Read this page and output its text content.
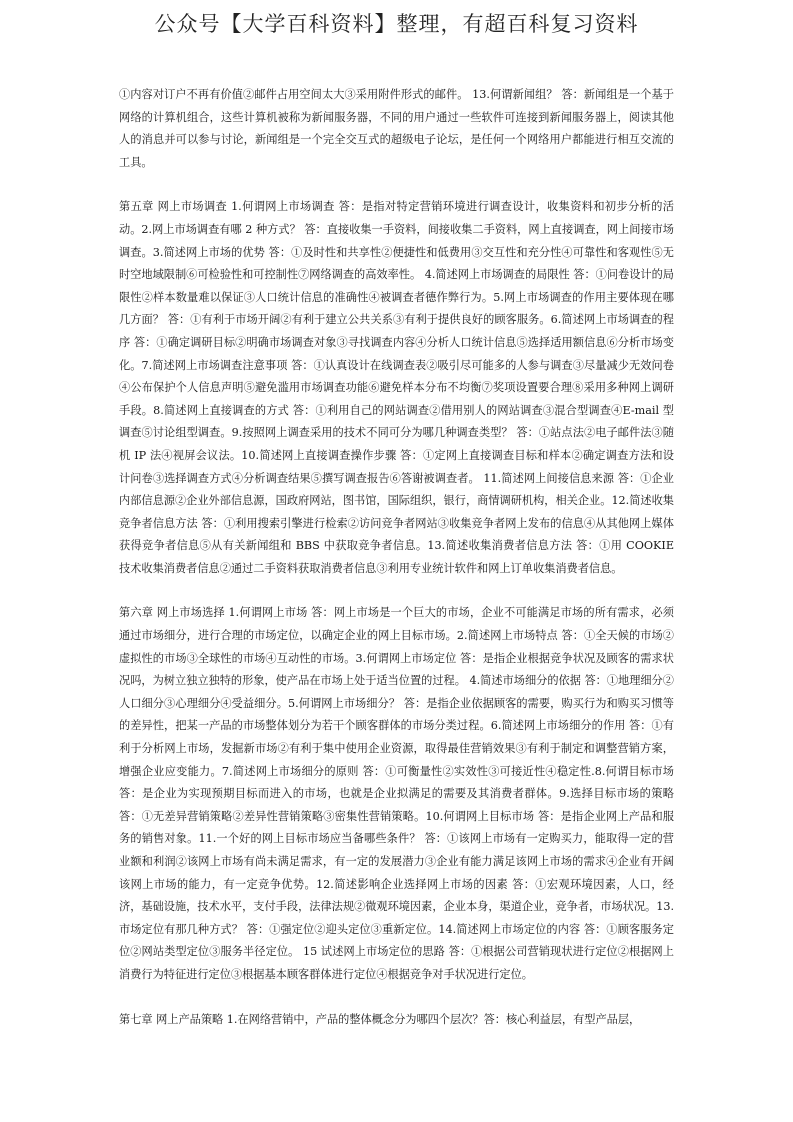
公众号【大学百科资料】整理，有超百科复习资料

①内容对订户不再有价值②邮件占用空间太大③采用附件形式的邮件。 13.何谓新闻组？ 答：新闻组是一个基于网络的计算机组合，这些计算机被称为新闻服务器，不同的用户通过一些软件可连接到新闻服务器上，阅读其他人的消息并可以参与讨论，新闻组是一个完全交互式的超级电子论坛，是任何一个网络用户都能进行相互交流的工具。

第五章 网上市场调查 1.何谓网上市场调查 答：是指对特定营销环境进行调查设计，收集资料和初步分析的活动。2.网上市场调查有哪 2 种方式？ 答：直接收集一手资料，间接收集二手资料，网上直接调查，网上间接市场调查。3.简述网上市场的优势 答：①及时性和共享性②便捷性和低费用③交互性和充分性④可靠性和客观性⑤无时空地域限制⑥可检验性和可控制性⑦网络调查的高效率性。 4.简述网上市场调查的局限性 答：①问卷设计的局限性②样本数量难以保证③人口统计信息的准确性④被调查者德作弊行为。5.网上市场调查的作用主要体现在哪几方面？ 答：①有利于市场开阔②有利于建立公共关系③有利于提供良好的顾客服务。6.简述网上市场调查的程序 答：①确定调研目标②明确市场调查对象③寻找调查内容④分析人口统计信息⑤选择适用额信息⑥分析市场变化。7.简述网上市场调查注意事项 答：①认真设计在线调查表②吸引尽可能多的人参与调查③尽量减少无效问卷④公布保护个人信息声明⑤避免滥用市场调查功能⑥避免样本分布不均衡⑦奖项设置要合理⑧采用多种网上调研手段。8.简述网上直接调查的方式 答：①利用自己的网站调查②借用别人的网站调查③混合型调查④E-mail 型调查⑤讨论组型调查。9.按照网上调查采用的技术不同可分为哪几种调查类型？ 答：①站点法②电子邮件法③随机 IP 法④视屏会议法。10.简述网上直接调查操作步骤 答：①定网上直接调查目标和样本②确定调查方法和设计问卷③选择调查方式④分析调查结果⑤撰写调查报告⑥答谢被调查者。 11.简述网上间接信息来源 答：①企业内部信息源②企业外部信息源，国政府网站，图书馆，国际组织，银行，商情调研机构，相关企业。12.简述收集竞争者信息方法 答：①利用搜索引擎进行检索②访问竞争者网站③收集竞争者网上发布的信息④从其他网上媒体获得竞争者信息⑤从有关新闻组和 BBS 中获取竞争者信息。13.简述收集消费者信息方法 答：①用 COOKIE 技术收集消费者信息②通过二手资料获取消费者信息③利用专业统计软件和网上订单收集消费者信息。

第六章 网上市场选择 1.何谓网上市场 答：网上市场是一个巨大的市场，企业不可能满足市场的所有需求，必须通过市场细分，进行合理的市场定位，以确定企业的网上目标市场。2.简述网上市场特点 答：①全天候的市场②虚拟性的市场③全球性的市场④互动性的市场。3.何谓网上市场定位 答：是指企业根据竞争状况及顾客的需求状况吗，为树立独立独特的形象，使产品在市场上处于适当位置的过程。 4.简述市场细分的依据 答：①地理细分②人口细分③心理细分④受益细分。5.何谓网上市场细分？ 答：是指企业依据顾客的需要，购买行为和购买习惯等的差异性，把某一产品的市场整体划分为若干个顾客群体的市场分类过程。6.简述网上市场细分的作用 答：①有利于分析网上市场，发掘新市场②有利于集中使用企业资源，取得最佳营销效果③有利于制定和调整营销方案，增强企业应变能力。7.简述网上市场细分的原则 答：①可衡量性②实效性③可接近性④稳定性.8.何谓目标市场 答：是企业为实现预期目标而进入的市场，也就是企业拟满足的需要及其消费者群体。9.选择目标市场的策略 答：①无差异营销策略②差异性营销策略③密集性营销策略。10.何谓网上目标市场 答：是指企业网上产品和服务的销售对象。11.一个好的网上目标市场应当备哪些条件？ 答：①该网上市场有一定购买力，能取得一定的营业额和利润②该网上市场有尚未满足需求，有一定的发展潜力③企业有能力满足该网上市场的需求④企业有开阔该网上市场的能力，有一定竞争优势。12.简述影响企业选择网上市场的因素 答：①宏观环境因素，人口，经济，基础设施，技术水平，支付手段，法律法规②微观环境因素，企业本身，渠道企业，竞争者，市场状况。13.市场定位有那几种方式？ 答：①强定位②迎头定位③重新定位。14.简述网上市场定位的内容 答：①顾客服务定位②网站类型定位③服务半径定位。 15 试述网上市场定位的思路 答：①根据公司营销现状进行定位②根据网上消费行为特征进行定位③根据基本顾客群体进行定位④根据竞争对手状况进行定位。

第七章 网上产品策略 1.在网络营销中，产品的整体概念分为哪四个层次？答：核心利益层，有型产品层，
